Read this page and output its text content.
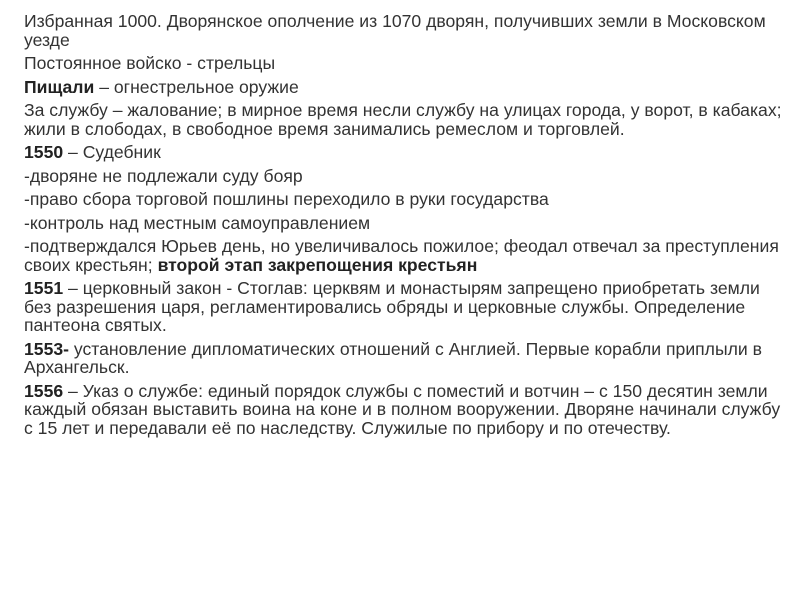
Избранная 1000. Дворянское ополчение из 1070 дворян, получивших земли в Московском уезде

Постоянное войско - стрельцы

Пищали – огнестрельное оружие

За службу – жалование; в мирное время несли службу на улицах города, у ворот, в кабаках; жили в слободах, в свободное время занимались ремеслом и торговлей.

1550 – Судебник

-дворяне не подлежали суду бояр

-право сбора торговой пошлины переходило в руки государства

-контроль над местным самоуправлением

-подтверждался Юрьев день, но увеличивалось пожилое; феодал отвечал за преступления своих крестьян; второй этап закрепощения крестьян

1551 – церковный закон - Стоглав: церквям и монастырям запрещено приобретать земли без разрешения царя, регламентировались обряды и церковные службы. Определение пантеона святых.

1553- установление дипломатических отношений с Англией. Первые корабли приплыли в Архангельск.

1556 – Указ о службе: единый порядок службы с поместий и вотчин – с 150 десятин земли каждый обязан выставить воина на коне и в полном вооружении. Дворяне начинали службу с 15 лет и передавали её по наследству. Служилые по прибору и по отечеству.
